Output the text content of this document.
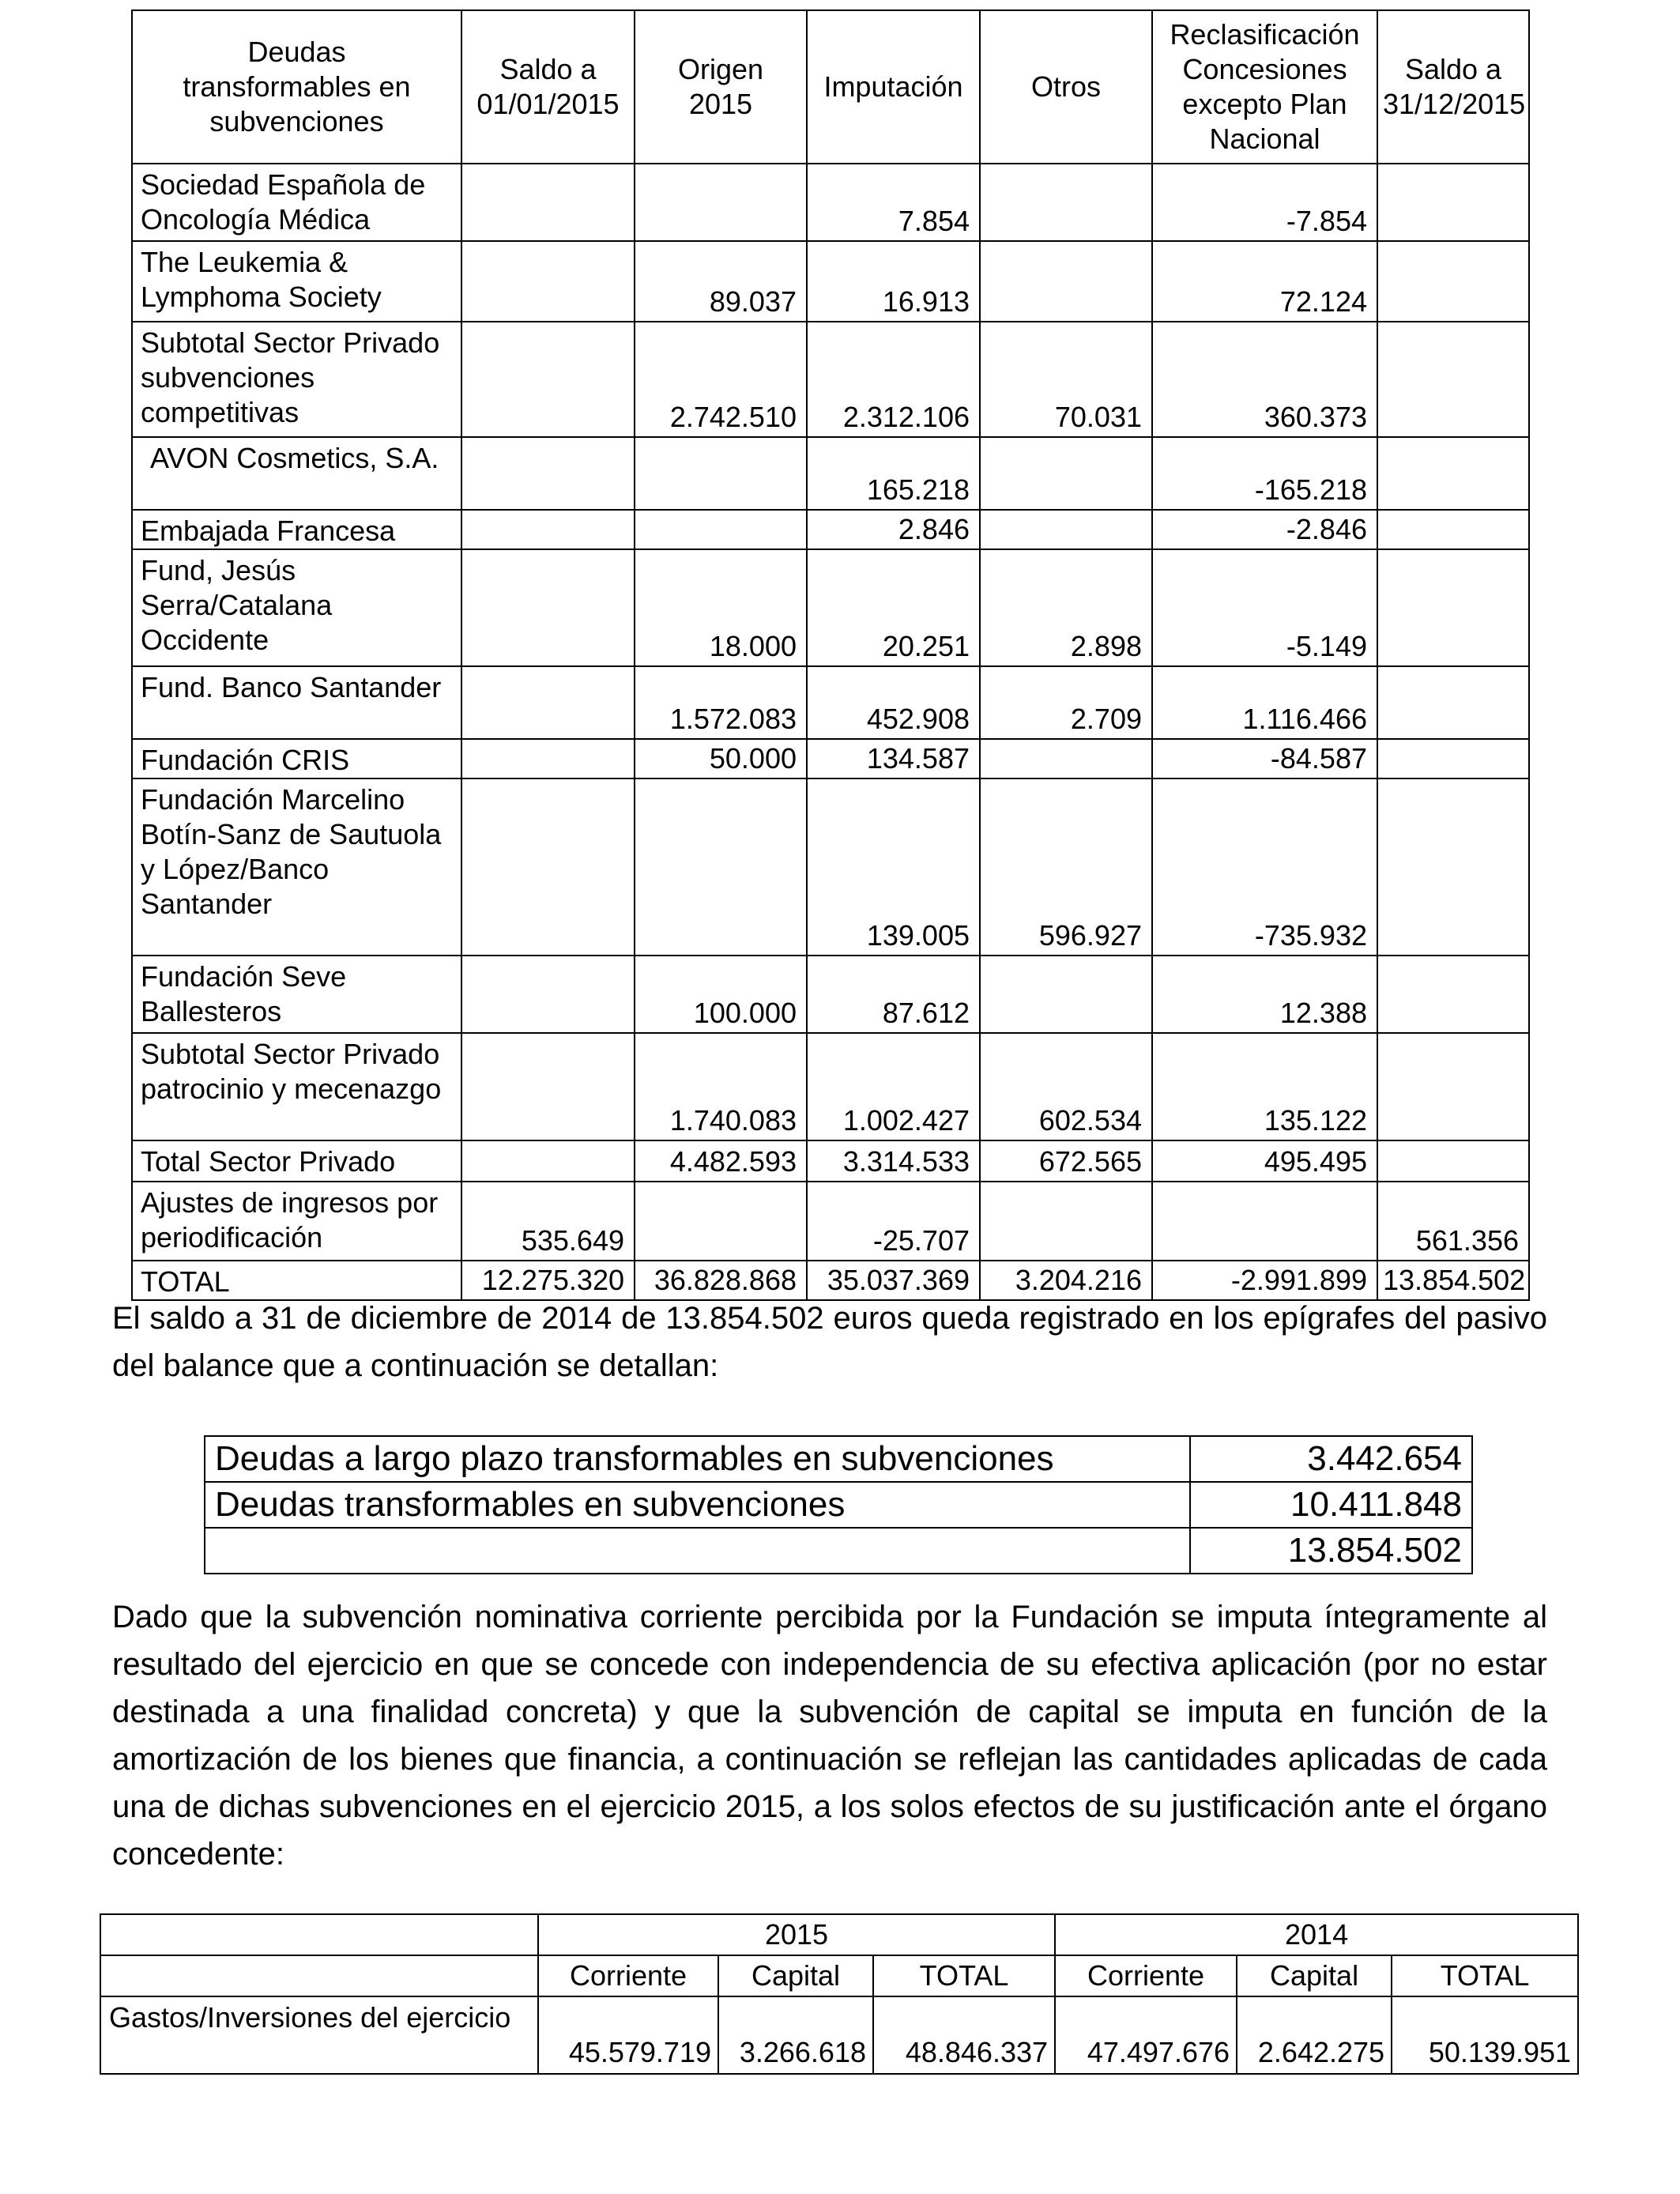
Deudas transformables en subvenciones	Saldo a 01/01/2015	Origen 2015	Imputación	Otros	Reclasificación Concesiones excepto Plan Nacional	Saldo a 31/12/2015
Sociedad Española de Oncología Médica			7.854		-7.854	
The Leukemia & Lymphoma Society		89.037	16.913		72.124	
Subtotal Sector Privado subvenciones competitivas		2.742.510	2.312.106	70.031	360.373	
AVON Cosmetics, S.A.			165.218		-165.218	
Embajada Francesa			2.846		-2.846	
Fund, Jesús Serra/Catalana Occidente		18.000	20.251	2.898	-5.149	
Fund. Banco Santander		1.572.083	452.908	2.709	1.116.466	
Fundación CRIS		50.000	134.587		-84.587	
Fundación Marcelino Botín-Sanz de Sautuola y López/Banco Santander			139.005	596.927	-735.932	
Fundación Seve Ballesteros		100.000	87.612		12.388	
Subtotal Sector Privado patrocinio y mecenazgo		1.740.083	1.002.427	602.534	135.122	
Total Sector Privado		4.482.593	3.314.533	672.565	495.495	
Ajustes de ingresos por periodificación	535.649		-25.707			561.356
TOTAL	12.275.320	36.828.868	35.037.369	3.204.216	-2.991.899	13.854.502

El saldo a 31 de diciembre de 2014 de 13.854.502 euros queda registrado en los epígrafes del pasivo del balance que a continuación se detallan:

Deudas a largo plazo transformables en subvenciones	3.442.654
Deudas transformables en subvenciones	10.411.848
	13.854.502

Dado que la subvención nominativa corriente percibida por la Fundación se imputa íntegramente al resultado del ejercicio en que se concede con independencia de su efectiva aplicación (por no estar destinada a una finalidad concreta) y que la subvención de capital se imputa en función de la amortización de los bienes que financia, a continuación se reflejan las cantidades aplicadas de cada una de dichas subvenciones en el ejercicio 2015, a los solos efectos de su justificación ante el órgano concedente:

	2015			2014		
	Corriente	Capital	TOTAL	Corriente	Capital	TOTAL
Gastos/Inversiones del ejercicio	45.579.719	3.266.618	48.846.337	47.497.676	2.642.275	50.139.951
